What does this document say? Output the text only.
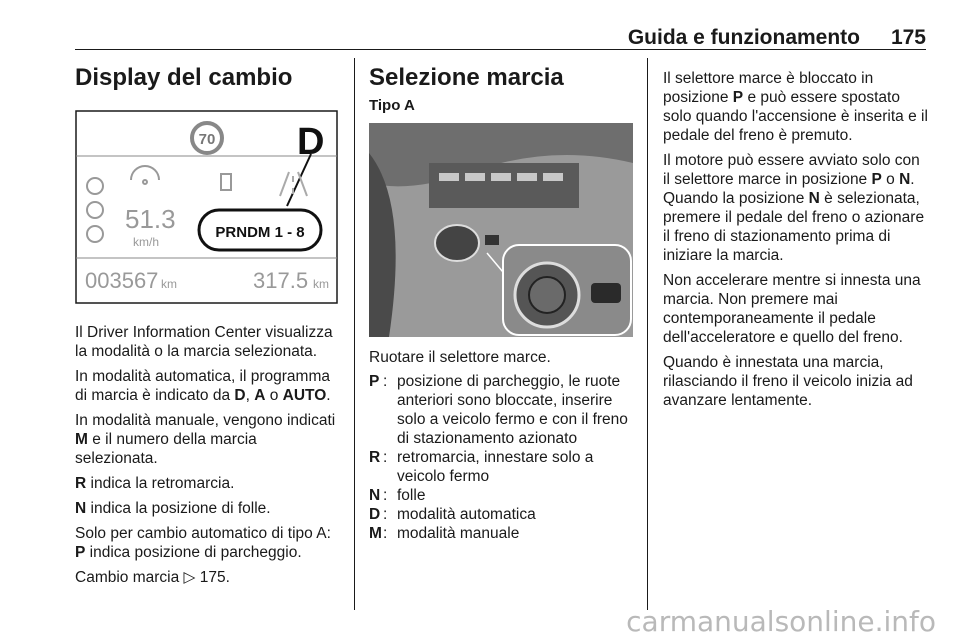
Guida e funzionamento	175
Display del cambio
70 D
51.3
km/h
PRNDM 1 - 8
003567 km	317.5 km

Il Driver Information Center visualizza la modalità o la marcia selezionata.

In modalità automatica, il programma di marcia è indicato da D, A o AUTO.

In modalità manuale, vengono indicati M e il numero della marcia selezionata.

R indica la retromarcia.

N indica la posizione di folle.

Solo per cambio automatico di tipo A: P indica posizione di parcheggio.

Cambio marcia ▷ 175.

Selezione marcia
Tipo A
Ruotare il selettore marce.
P : posizione di parcheggio, le ruote anteriori sono bloccate, inserire solo a veicolo fermo e con il freno di stazionamento azionato
R : retromarcia, innestare solo a veicolo fermo
N : folle
D : modalità automatica
M : modalità manuale

Il selettore marce è bloccato in posizione P e può essere spostato solo quando l'accensione è inserita e il pedale del freno è premuto.

Il motore può essere avviato solo con il selettore marce in posizione P o N. Quando la posizione N è selezionata, premere il pedale del freno o azionare il freno di stazionamento prima di iniziare la marcia.

Non accelerare mentre si innesta una marcia. Non premere mai contemporaneamente il pedale dell'acceleratore e quello del freno.

Quando è innestata una marcia, rilasciando il freno il veicolo inizia ad avanzare lentamente.

carmanualsonline.info
